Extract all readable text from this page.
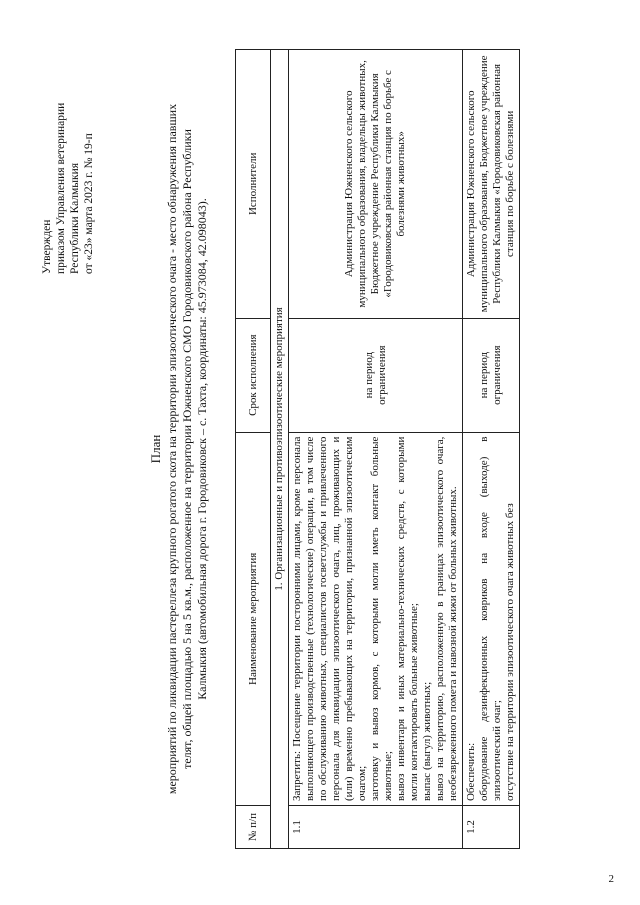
Утвержден приказом Управления ветеринарии Республики Калмыкия от «23» марта 2023 г. № 19-п
План мероприятий по ликвидации пастереллеза крупного рогатого скота на территории эпизоотического очага - место обнаружения павших телят, общей площадью 5 на 5 кв.м., расположенное на территории Южненского СМО Городовиковского района Республики Калмыкия (автомобильная дорога г. Городовиковск – с. Тахта, координаты: 45.973084, 42.098043).
№ п/п	Наименование мероприятия	Срок исполнения	Исполнители
1. Организационные и противоэпизоотические мероприятия			
1.1	Запретить: Посещение территории посторонними лицами, кроме персонала выполняющего производственные (технологические) операции, в том числе по обслуживанию животных, специалистов госветслужбы и привлеченного персонала для ликвидации эпизоотического очага, лиц, проживающих и (или) временно пребывающих на территории, признанной эпизоотическим очагом; заготовку и вывоз кормов, с которыми могли иметь контакт больные животные; вывоз инвентаря и иных материально-технических средств, с которыми могли контактировать больные животные; выпас (выгул) животных; вывоз на территорию, расположенную в границах эпизоотического очага, необезвреженного помета и навозной жижи от больных животных.	на период ограничения	Администрация Южненского сельского муниципального образования, владельцы животных, Бюджетное учреждение Республики Калмыкия «Городовиковская районная станция по борьбе с болезнями животных»
1.2	Обеспечить: оборудование дезинфекционных ковриков на входе (выходе) в эпизоотический очаг; отсутствие на территории эпизоотического очага животных без	на период ограничения	Администрация Южненского сельского муниципального образования, Бюджетное учреждение Республики Калмыкия «Городовиковская районная станция по борьбе с болезнями
2
